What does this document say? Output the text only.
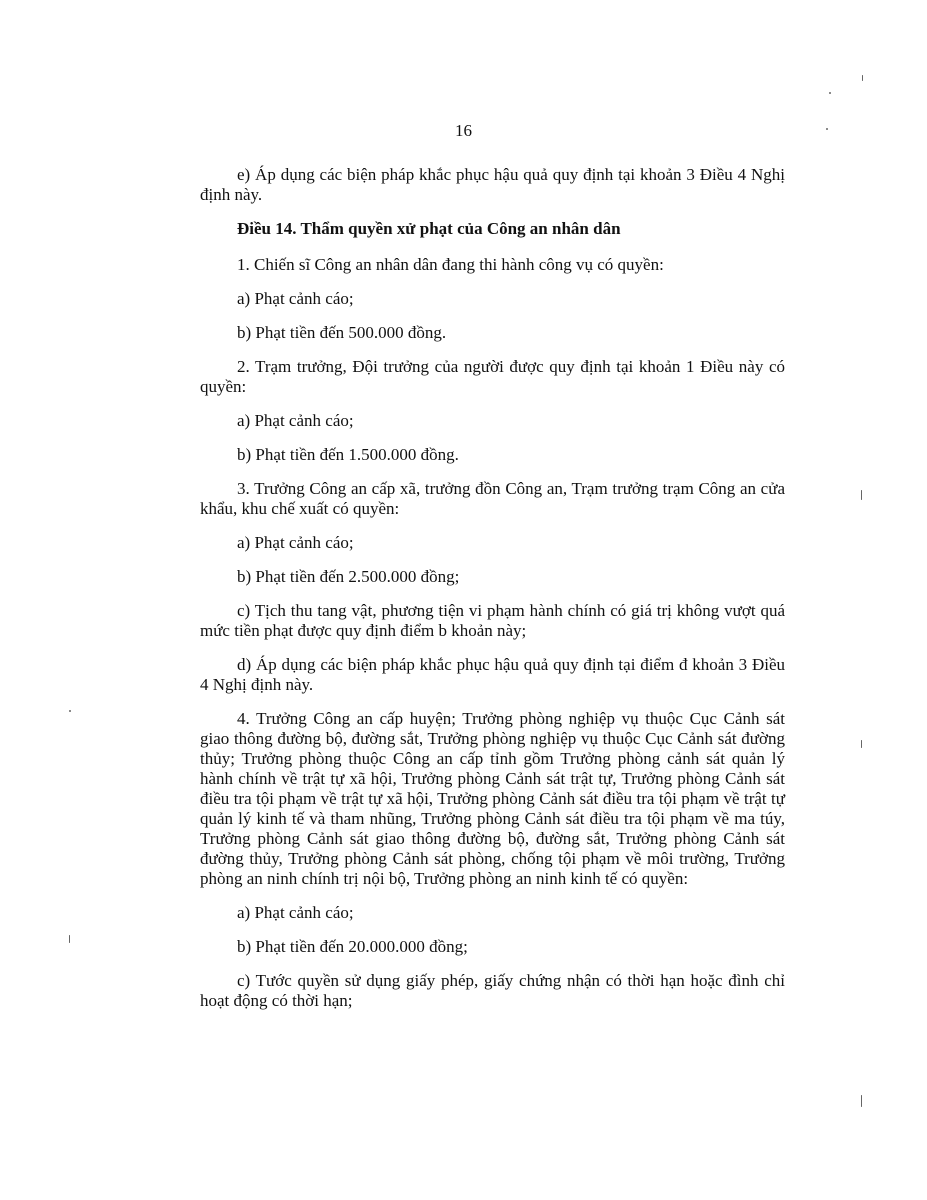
16

e) Áp dụng các biện pháp khắc phục hậu quả quy định tại khoản 3 Điều 4 Nghị định này.

Điều 14. Thẩm quyền xử phạt của Công an nhân dân

1. Chiến sĩ Công an nhân dân đang thi hành công vụ có quyền:

a) Phạt cảnh cáo;

b) Phạt tiền đến 500.000 đồng.

2. Trạm trưởng, Đội trưởng của người được quy định tại khoản 1 Điều này có quyền:

a) Phạt cảnh cáo;

b) Phạt tiền đến 1.500.000 đồng.

3. Trưởng Công an cấp xã, trưởng đồn Công an, Trạm trưởng trạm Công an cửa khẩu, khu chế xuất có quyền:

a) Phạt cảnh cáo;

b) Phạt tiền đến 2.500.000 đồng;

c) Tịch thu tang vật, phương tiện vi phạm hành chính có giá trị không vượt quá mức tiền phạt được quy định điểm b khoản này;

d) Áp dụng các biện pháp khắc phục hậu quả quy định tại điểm đ khoản 3 Điều 4 Nghị định này.

4. Trưởng Công an cấp huyện; Trưởng phòng nghiệp vụ thuộc Cục Cảnh sát giao thông đường bộ, đường sắt, Trưởng phòng nghiệp vụ thuộc Cục Cảnh sát đường thủy; Trưởng phòng thuộc Công an cấp tỉnh gồm Trưởng phòng cảnh sát quản lý hành chính về trật tự xã hội, Trưởng phòng Cảnh sát trật tự, Trưởng phòng Cảnh sát điều tra tội phạm về trật tự xã hội, Trưởng phòng Cảnh sát điều tra tội phạm về trật tự quản lý kinh tế và tham nhũng, Trưởng phòng Cảnh sát điều tra tội phạm về ma túy, Trưởng phòng Cảnh sát giao thông đường bộ, đường sắt, Trưởng phòng Cảnh sát đường thủy, Trưởng phòng Cảnh sát phòng, chống tội phạm về môi trường, Trưởng phòng an ninh chính trị nội bộ, Trưởng phòng an ninh kinh tế có quyền:

a) Phạt cảnh cáo;

b) Phạt tiền đến 20.000.000 đồng;

c) Tước quyền sử dụng giấy phép, giấy chứng nhận có thời hạn hoặc đình chỉ hoạt động có thời hạn;
